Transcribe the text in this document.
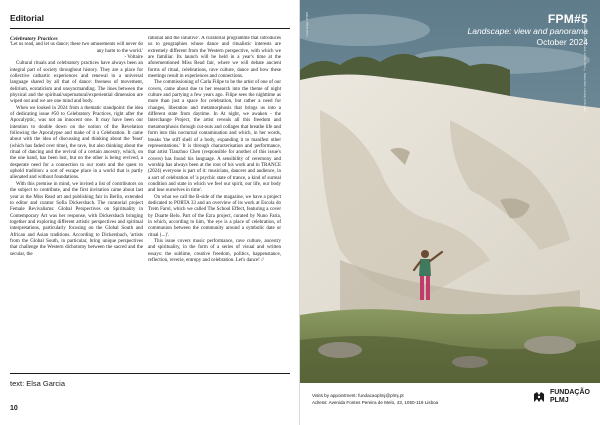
Editorial

Celebratory Practices

'Let us read, and let us dance; these two amusements will never do any harm to the world.'

- Voltaire

Cultural rituals and celebratory practices have always been an integral part of society throughout history. They are a place for collective cathartic experiences and renewal in a universal language shared by all that of dance: freeness of movement, delirium, ecstaticism and unsyncmanding. The lines between the physical and the spiritual/supernatural/experiential dimension are wiped out and we are one mind and body.

When we looked in 2024 from a thematic standpoint: the idea of dedicating issue #50 to Celebratory Practices, right after the Apocalyptic, was not an innocent one. It may have been our intention to double down on the notion of the Revelation following the Apocalypse and make of it a Celebration. It came about with the idea of discussing and thinking about the 'feast' (which has faded over time), the rave, but also thinking about the ritual of dancing and the revival of a certain ancestry, which, on the one hand, has been lost, but on the other is being revived, a desperate need for a connection to our roots and the quest to uphold tradition: a sort of escape place in a world that is partly alienated and without foundations.

With this premise in mind, we invited a list of contributors on the subject to contribute, and the first invitation came about last year at the Miss Read art and publishing fair in Berlin, extended to editor and curator Sofia Dickersbach. The curatorial project Female Revivalisms: Global Perspectives on Spirituality in Contemporary Art was her response, with Dickersbach bringing together and exploring different artistic perspectives and spiritual interpretations, particularly focusing on the Global South and African and Asian traditions. According to Dickersbach, 'artists from the Global South, in particular, bring unique perspectives that challenge the Western dichotomy between the sacred and the secular, the

rational and the intuitive'. A curatorial programme that introduces us to geographies whose dance and ritualistic interests are extremely different from the Western perspective, with which we are familiar. Its launch will be held in a year's time at the aforementioned Miss Read fair, where we will debate ancient forms of ritual, celebrations, rave culture, dance and how these meetings result in experiences and connections.

The commissioning of Carla Filipe to be the artist of one of our covers, came about due to her research into the theme of night culture and partying a few years ago. Filipe sees the nighttime as more than just a space for celebration, but rather a need for changes, liberation and metamorphosis that brings us into a different state from daytime. In At night, we awaken - the Interchange Project, the artist reveals all this freedom and metamorphosis through cut-outs and collages that breathe life and form into this nocturnal contamination and which, in her words, breaks 'the stiff shell of a body, expanding it to manifest other representations.' It is through characterisation and performance, that artist Tianzhuo Chen (responsible for another of this issue's covers) has found his language. A sensibility of ceremony and worship has always been at the root of his work and in TRANCE (2024) everyone is part of it: musicians, dancers and audience, in a sort of celebration of 'a psychic state of trance, a kind of surreal condition and state in which we feel our spirit, our life, our body and lose ourselves in time'.

On what we call the B-side of the magazine, we have a project dedicated to PORTA 33 and an overview of its work at Escola do Trem Farol, which we called The School Effect, featuring a cover by Duarte Belo. Part of the Ezra project, curated by Nuno Faria, in which, according to him, 'the eye is a place of celebration, of communion between the community around a symbolic date or ritual (...)'.

This issue covers music performance, rave culture, ancestry and spirituality, in the form of a series of visual and written essays: the sublime, creative freedom, politics, happenstance, reflection, reverie, entropy and celebration. Let's dance! //

text: Elsa Garcia
10
FPM#5
Landscape: view and panorama
October 2024
Cover image: FPM#5	Duarte Belo, Ilha Terceira, Azores, 2023. © Duarte Belo. Courtesy of the artist
Visits by appointment: fundacaoplmj@plmj.pt
Adress: Avenida Fontes Pereira de Melo, 43, 1050-119 Lisboa
FUNDAÇÃO
PLMJ
